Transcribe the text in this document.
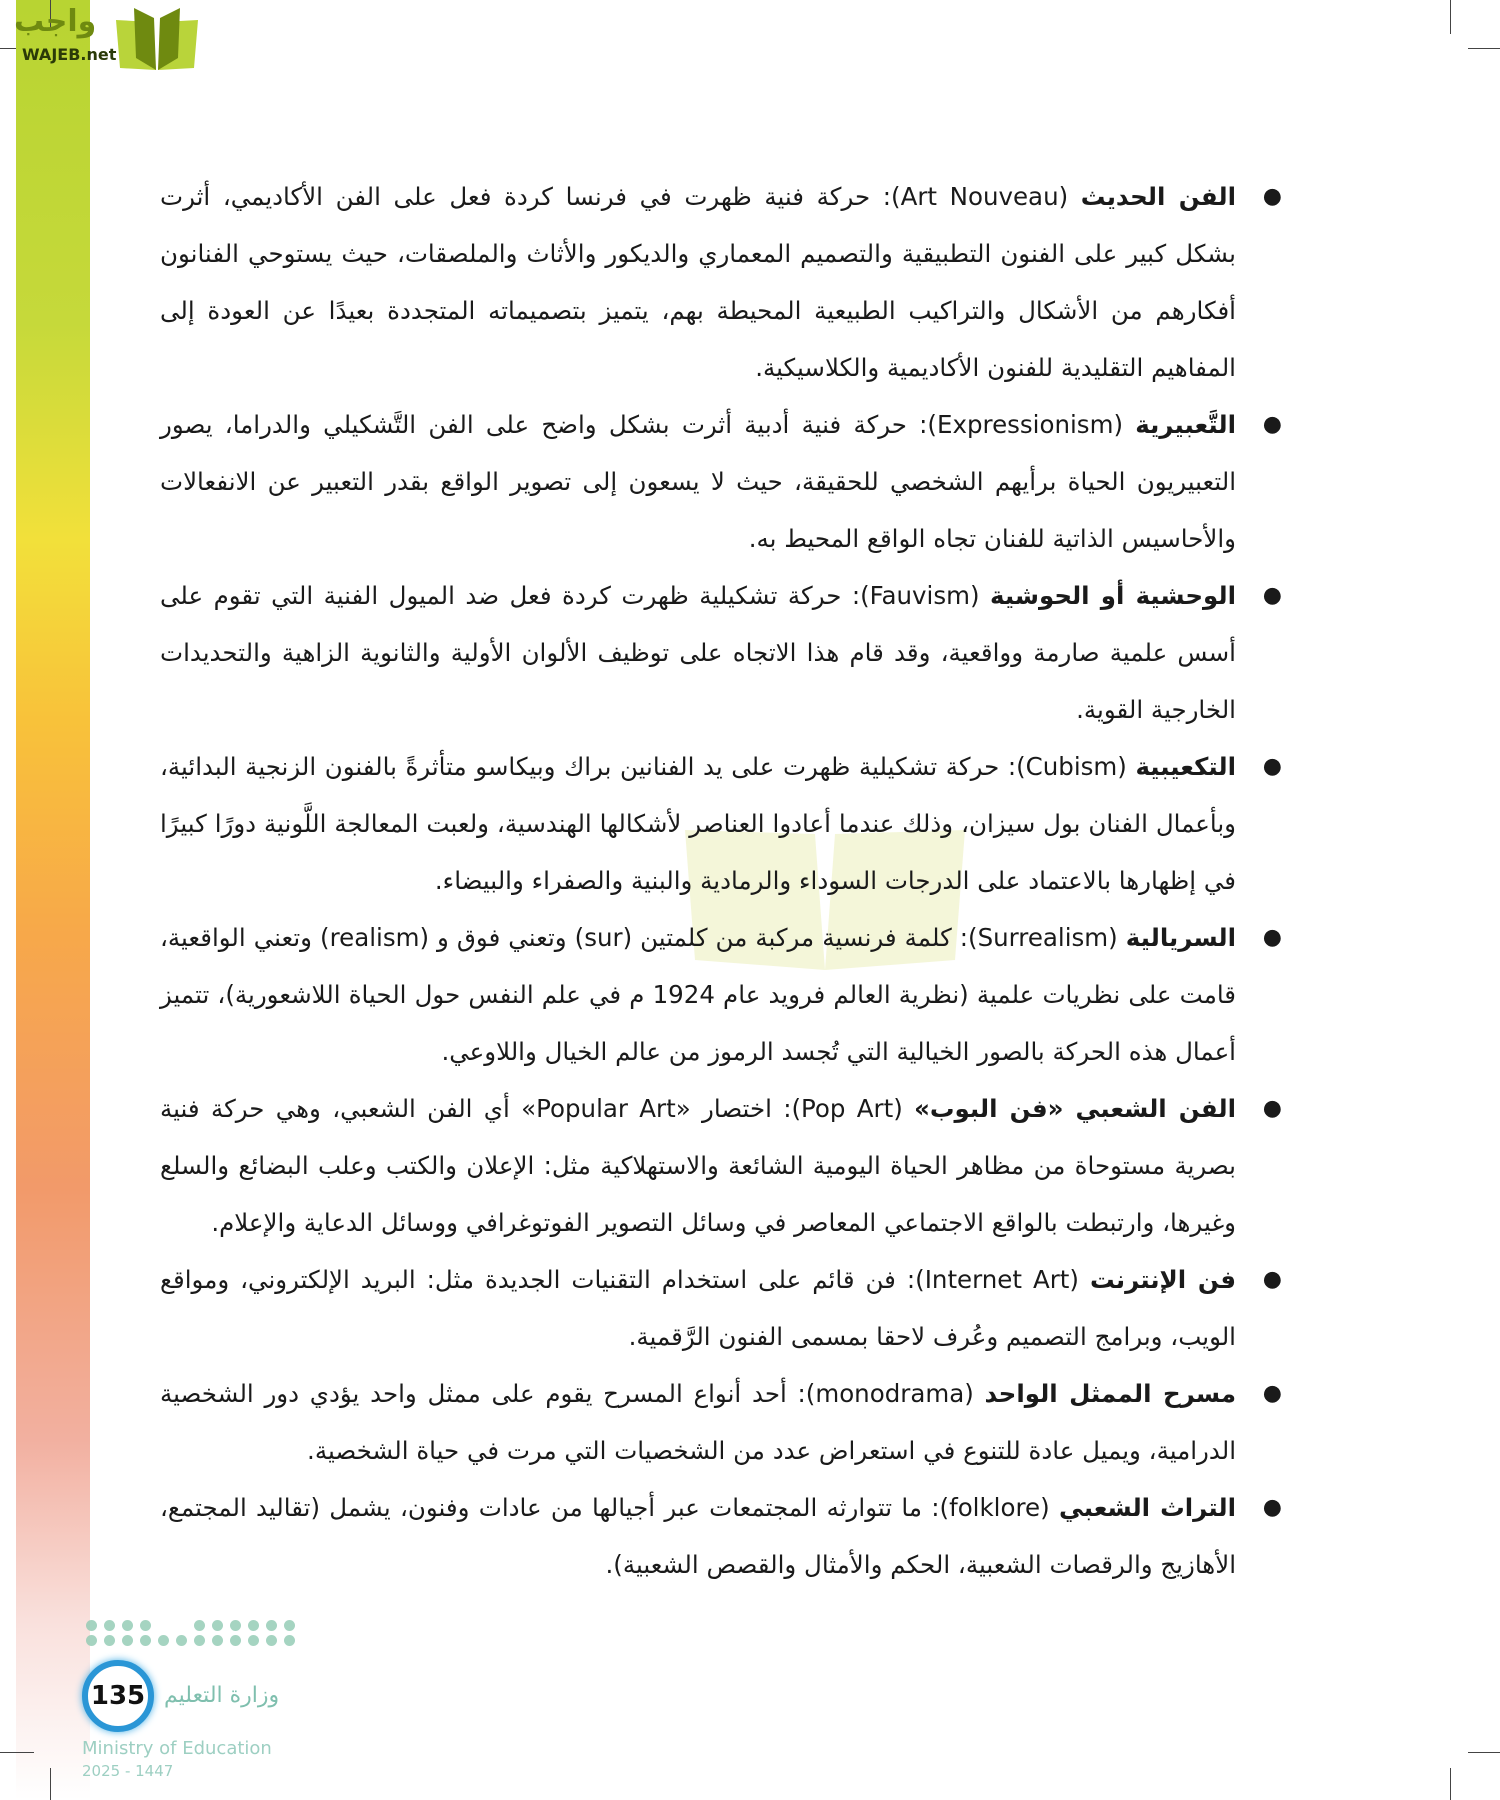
واجب
WAJEB.net

●
الفن الحديث (Art Nouveau): حركة فنية ظهرت في فرنسا كردة فعل على الفن الأكاديمي، أثرت بشكل كبير على الفنون التطبيقية والتصميم المعماري والديكور والأثاث والملصقات، حيث يستوحي الفنانون أفكارهم من الأشكال والتراكيب الطبيعية المحيطة بهم، يتميز بتصميماته المتجددة بعيدًا عن العودة إلى المفاهيم التقليدية للفنون الأكاديمية والكلاسيكية.

●
التَّعبيرية (Expressionism): حركة فنية أدبية أثرت بشكل واضح على الفن التَّشكيلي والدراما، يصور التعبيريون الحياة برأيهم الشخصي للحقيقة، حيث لا يسعون إلى تصوير الواقع بقدر التعبير عن الانفعالات والأحاسيس الذاتية للفنان تجاه الواقع المحيط به.

●
الوحشية أو الحوشية (Fauvism): حركة تشكيلية ظهرت كردة فعل ضد الميول الفنية التي تقوم على أسس علمية صارمة وواقعية، وقد قام هذا الاتجاه على توظيف الألوان الأولية والثانوية الزاهية والتحديدات الخارجية القوية.

●
التكعيبية (Cubism): حركة تشكيلية ظهرت على يد الفنانين براك وبيكاسو متأثرةً بالفنون الزنجية البدائية، وبأعمال الفنان بول سيزان، وذلك عندما أعادوا العناصر لأشكالها الهندسية، ولعبت المعالجة اللَّونية دورًا كبيرًا في إظهارها بالاعتماد على الدرجات السوداء والرمادية والبنية والصفراء والبيضاء.

●
السريالية (Surrealism): كلمة فرنسية مركبة من كلمتين (sur) وتعني فوق و (realism) وتعني الواقعية، قامت على نظريات علمية (نظرية العالم فرويد عام 1924 م في علم النفس حول الحياة اللاشعورية)، تتميز أعمال هذه الحركة بالصور الخيالية التي تُجسد الرموز من عالم الخيال واللاوعي.

●
الفن الشعبي «فن البوب» (Pop Art): اختصار «Popular Art» أي الفن الشعبي، وهي حركة فنية بصرية مستوحاة من مظاهر الحياة اليومية الشائعة والاستهلاكية مثل: الإعلان والكتب وعلب البضائع والسلع وغيرها، وارتبطت بالواقع الاجتماعي المعاصر في وسائل التصوير الفوتوغرافي ووسائل الدعاية والإعلام.

●
فن الإنترنت (Internet Art): فن قائم على استخدام التقنيات الجديدة مثل: البريد الإلكتروني، ومواقع الويب، وبرامج التصميم وعُرف لاحقا بمسمى الفنون الرَّقمية.

●
مسرح الممثل الواحد (monodrama): أحد أنواع المسرح يقوم على ممثل واحد يؤدي دور الشخصية الدرامية، ويميل عادة للتنوع في استعراض عدد من الشخصيات التي مرت في حياة الشخصية.

●
التراث الشعبي (folklore): ما تتوارثه المجتمعات عبر أجيالها من عادات وفنون، يشمل (تقاليد المجتمع، الأهازيج والرقصات الشعبية، الحكم والأمثال والقصص الشعبية).

135 وزارة التعليم
Ministry of Education
2025 - 1447
